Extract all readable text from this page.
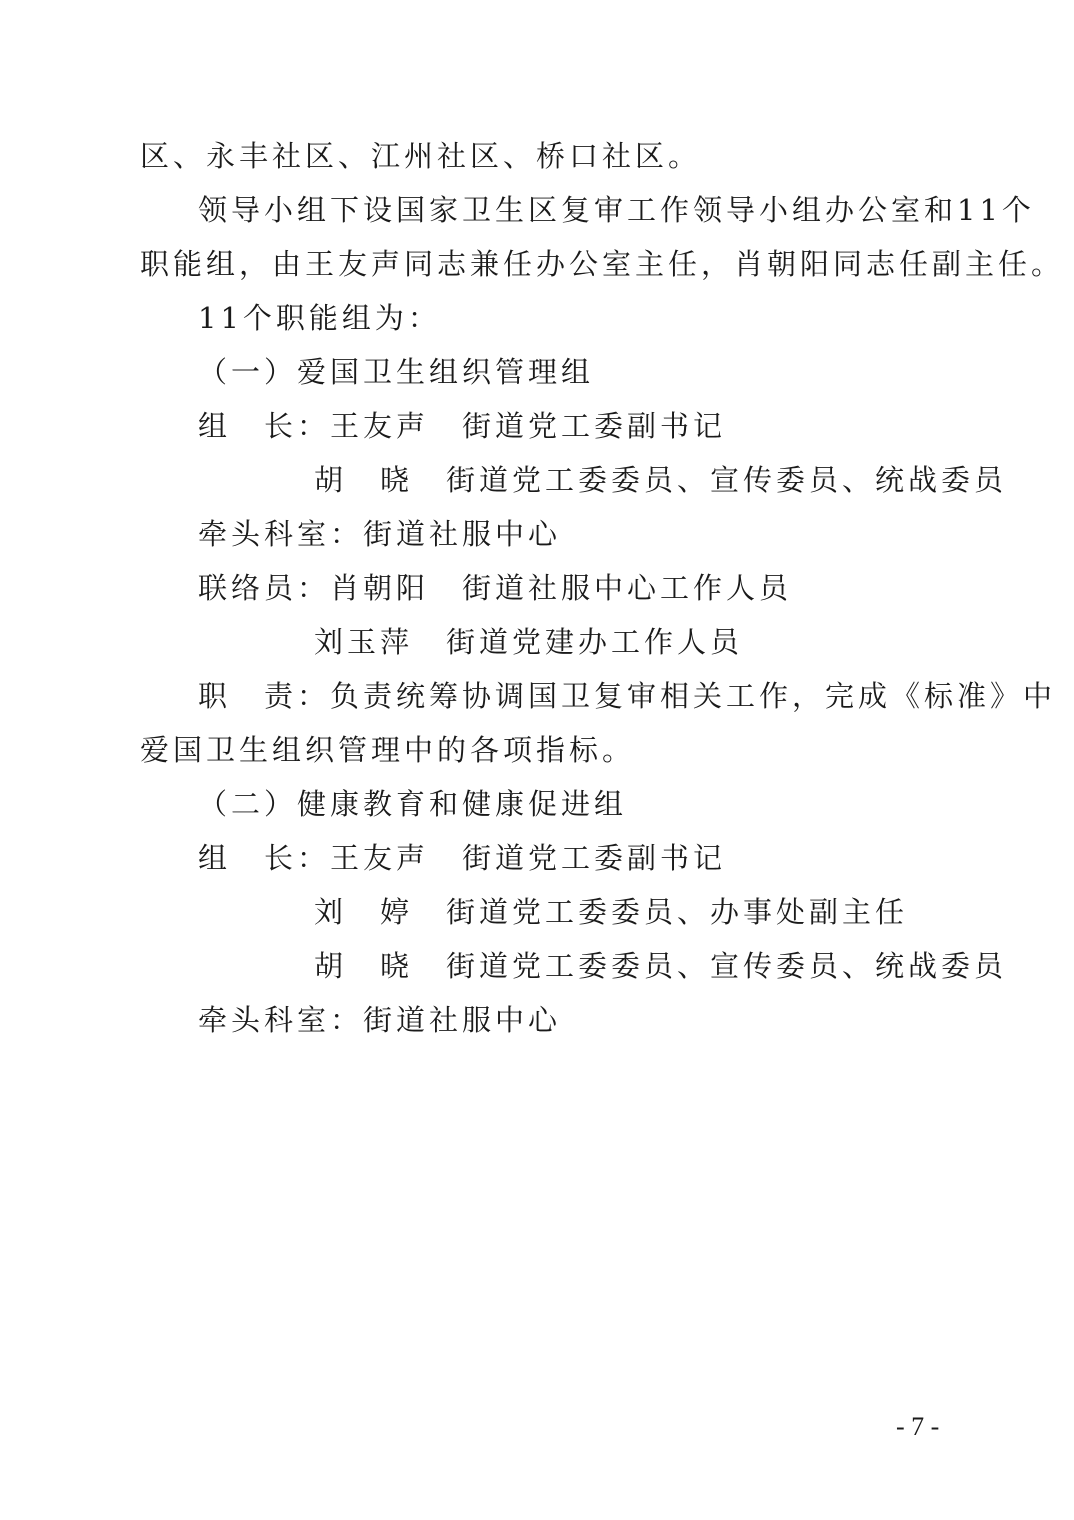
区、永丰社区、江州社区、桥口社区。
领导小组下设国家卫生区复审工作领导小组办公室和11个
职能组，由王友声同志兼任办公室主任，肖朝阳同志任副主任。
11个职能组为：
（一）爱国卫生组织管理组
组　长：王友声　街道党工委副书记
胡　晓　街道党工委委员、宣传委员、统战委员
牵头科室：街道社服中心
联络员：肖朝阳　街道社服中心工作人员
刘玉萍　街道党建办工作人员
职　责：负责统筹协调国卫复审相关工作，完成《标准》中
爱国卫生组织管理中的各项指标。
（二）健康教育和健康促进组
组　长：王友声　街道党工委副书记
刘　婷　街道党工委委员、办事处副主任
胡　晓　街道党工委委员、宣传委员、统战委员
牵头科室：街道社服中心
- 7 -
